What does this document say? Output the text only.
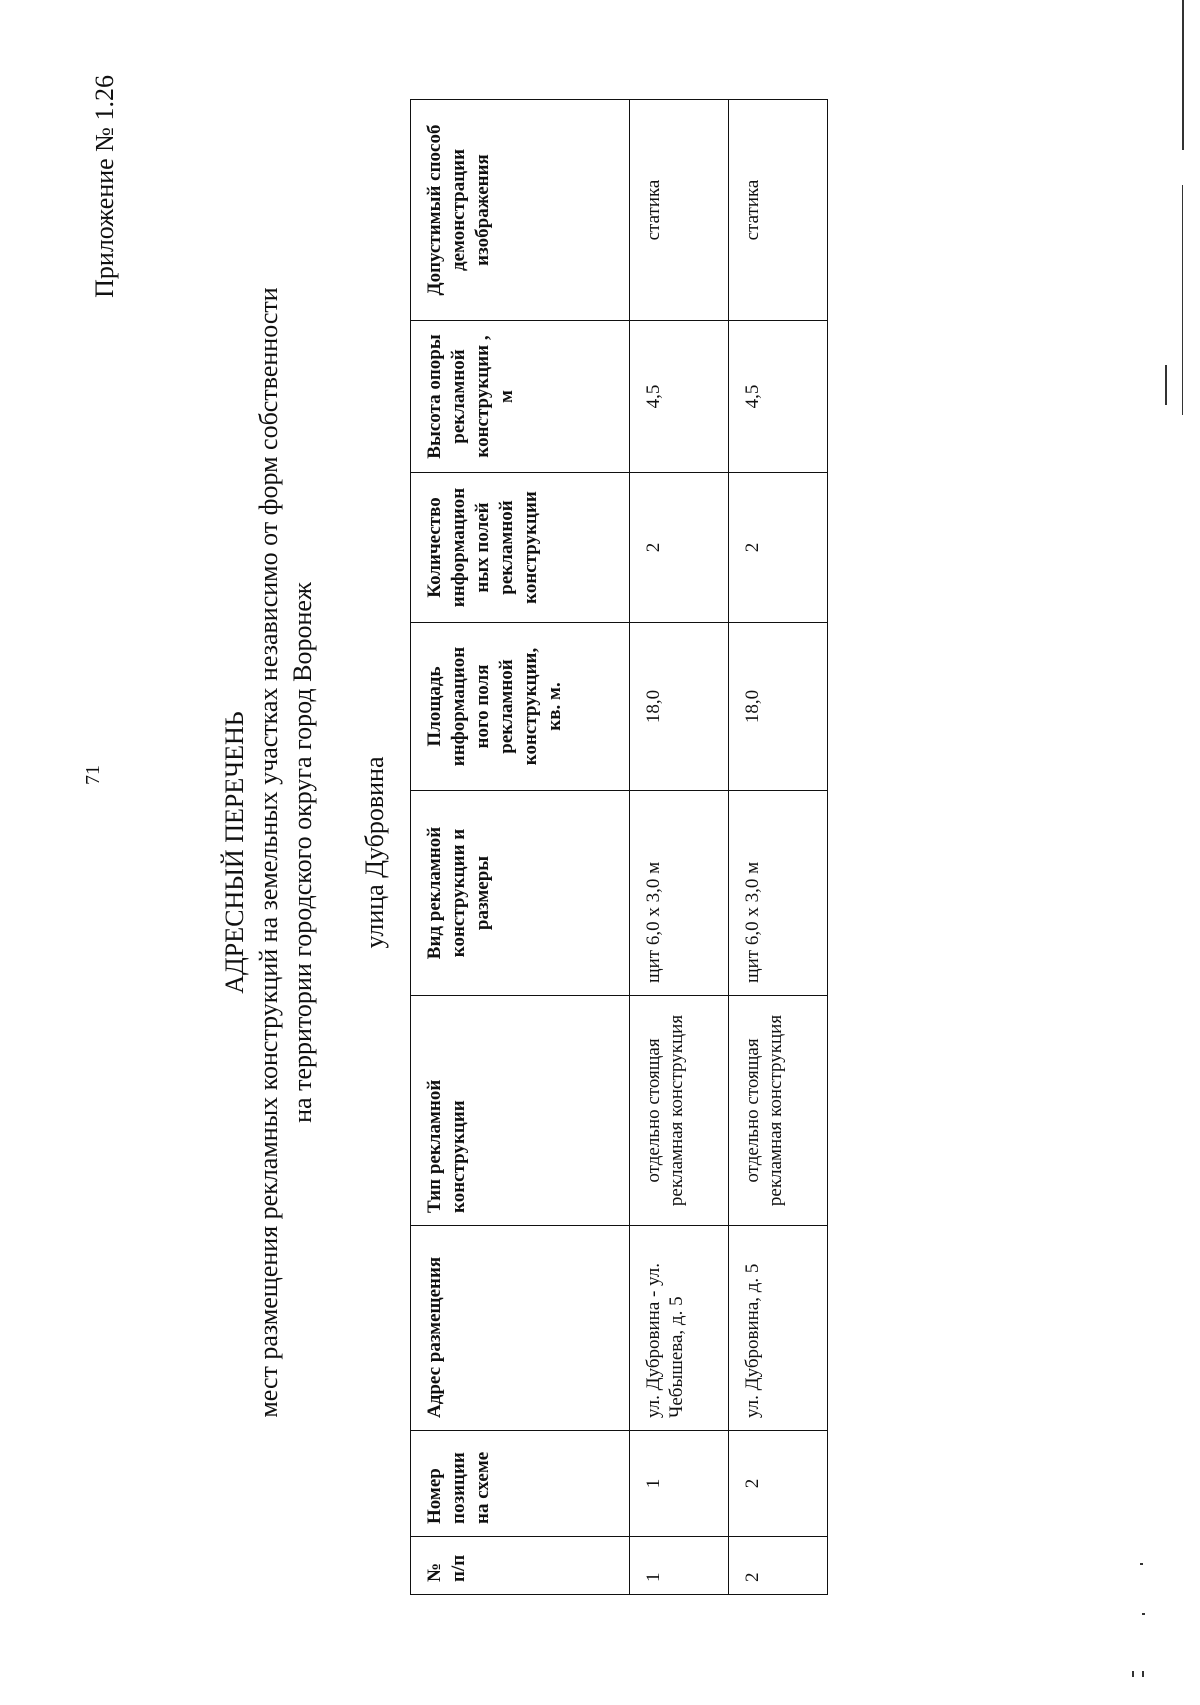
71
Приложение № 1.26
АДРЕСНЫЙ ПЕРЕЧЕНЬ мест размещения рекламных конструкций на земельных участках независимо от форм собственности на территории городского округа город Воронеж улица Дубровина
№ п/п	Номер позиции на схеме	Адрес размещения	Тип рекламной конструкции	Вид рекламной конструкции и размеры	Площадь информацион ного поля рекламной конструкции, кв. м.	Количество информацион ных полей рекламной конструкции	Высота опоры рекламной конструкции , м	Допустимый способ демонстрации изображения
1	1	ул. Дубровина - ул. Чебышева, д. 5	отдельно стоящая рекламная конструкция	щит 6,0 х 3,0 м	18,0	2	4,5	статика
2	2	ул. Дубровина, д. 5	отдельно стоящая рекламная конструкция	щит 6,0 х 3,0 м	18,0	2	4,5	статика
